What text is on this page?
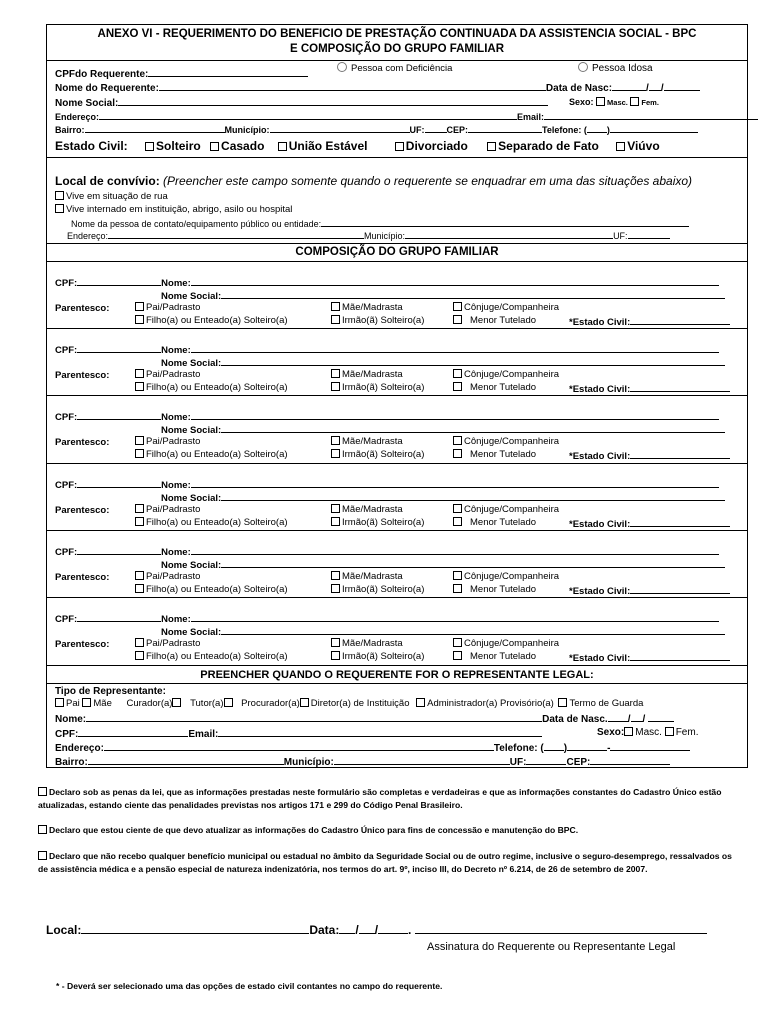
ANEXO VI - REQUERIMENTO DO BENEFICIO DE PRESTAÇÃO CONTINUADA DA ASSISTENCIA SOCIAL - BPC
E COMPOSIÇÃO DO GRUPO FAMILIAR
CPFdo Requerente:
Pessoa com Deficiência	Pessoa Idosa
Nome do Requerente:	Data de Nasc:	/ /
Nome Social:	Sexo: Masc. Fem.
Endereço:	Email:
Bairro:	Município:	UF: CEP:	Telefone: ( )
Estado Civil: Solteiro Casado União Estável	Divorciado	Separado de Fato Viúvo
Local de convívio: (Preencher este campo somente quando o requerente se enquadrar em uma das situações abaixo)
Vive em situação de rua
Vive internado em instituição, abrigo, asilo ou hospital
Nome da pessoa de contato/equipamento público ou entidade:
Endereço:	Município:	UF:
COMPOSIÇÃO DO GRUPO FAMILIAR
PREENCHER QUANDO O REQUERENTE FOR O REPRESENTANTE LEGAL:
Tipo de Representante:
Pai Mãe Curador(a) Tutor(a) Procurador(a) Diretor(a) de Instituição Administrador(a) Provisório(a) Termo de Guarda
Nome:	Data de Nasc. / /
CPF:	Email:	Sexo: Masc. Fem.
Endereço:	Telefone: ( )	-
Bairro:	Município:	UF:	CEP:
CPF:	Nome:
Nome Social:
Parentesco:	Pai/Padrasto	Mãe/Madrasta	Cônjuge/Companheira
Filho(a) ou Enteado(a) Solteiro(a)	Irmão(ã) Solteiro(a)	Menor Tutelado	*Estado Civil:
CPF:	Nome:
Nome Social:
Parentesco:	Pai/Padrasto	Mãe/Madrasta	Cônjuge/Companheira
Filho(a) ou Enteado(a) Solteiro(a)	Irmão(ã) Solteiro(a)	Menor Tutelado	*Estado Civil:
CPF:	Nome:
Nome Social:
Parentesco:	Pai/Padrasto	Mãe/Madrasta	Cônjuge/Companheira
Filho(a) ou Enteado(a) Solteiro(a)	Irmão(ã) Solteiro(a)	Menor Tutelado	*Estado Civil:
CPF:	Nome:
Nome Social:
Parentesco:	Pai/Padrasto	Mãe/Madrasta	Cônjuge/Companheira
Filho(a) ou Enteado(a) Solteiro(a)	Irmão(ã) Solteiro(a)	Menor Tutelado	*Estado Civil:
CPF:	Nome:
Nome Social:
Parentesco:	Pai/Padrasto	Mãe/Madrasta	Cônjuge/Companheira
Filho(a) ou Enteado(a) Solteiro(a)	Irmão(ã) Solteiro(a)	Menor Tutelado	*Estado Civil:
CPF:	Nome:
Nome Social:
Parentesco:	Pai/Padrasto	Mãe/Madrasta	Cônjuge/Companheira
Filho(a) ou Enteado(a) Solteiro(a)	Irmão(ã) Solteiro(a)	Menor Tutelado	*Estado Civil:
Declaro sob as penas da lei, que as informações prestadas neste formulário são completas e verdadeiras e que as informações constantes do Cadastro Único estão atualizadas, estando ciente das penalidades previstas nos artigos 171 e 299 do Código Penal Brasileiro.
Declaro que estou ciente de que devo atualizar as informações do Cadastro Único para fins de concessão e manutenção do BPC.
Declaro que não recebo qualquer benefício municipal ou estadual no âmbito da Seguridade Social ou de outro regime, inclusive o seguro-desemprego, ressalvados os de assistência médica e a pensão especial de natureza indenizatória, nos termos do art. 9º, inciso III, do Decreto nº 6.214, de 26 de setembro de 2007.
Local:	Data: / /	.
Assinatura do Requerente ou Representante Legal
* - Deverá ser selecionado uma das opções de estado civil contantes no campo do requerente.
